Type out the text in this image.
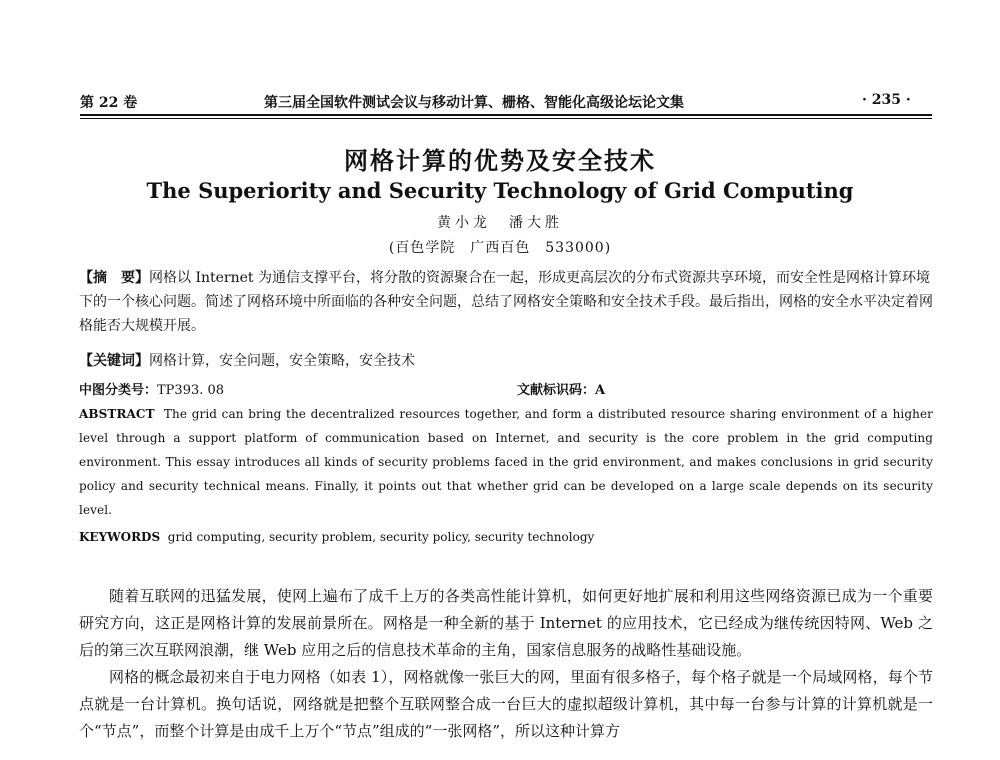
第 22 卷	第三届全国软件测试会议与移动计算、栅格、智能化高级论坛论文集	· 235 ·
网格计算的优势及安全技术
The Superiority and Security Technology of Grid Computing
黄小龙　潘大胜
(百色学院　广西百色　533000)
【摘　要】网格以 Internet 为通信支撑平台，将分散的资源聚合在一起，形成更高层次的分布式资源共享环境，而安全性是网格计算环境下的一个核心问题。简述了网格环境中所面临的各种安全问题，总结了网格安全策略和安全技术手段。最后指出，网格的安全水平决定着网格能否大规模开展。
【关键词】网格计算，安全问题，安全策略，安全技术
中图分类号：TP393. 08	文献标识码：A
ABSTRACT The grid can bring the decentralized resources together, and form a distributed resource sharing environment of a higher level through a support platform of communication based on Internet, and security is the core problem in the grid computing environment. This essay introduces all kinds of security problems faced in the grid environment, and makes conclusions in grid security policy and security technical means. Finally, it points out that whether grid can be developed on a large scale depends on its security level.
KEYWORDS grid computing, security problem, security policy, security technology

随着互联网的迅猛发展，使网上遍布了成千上万的各类高性能计算机，如何更好地扩展和利用这些网络资源已成为一个重要研究方向，这正是网格计算的发展前景所在。网格是一种全新的基于 Internet 的应用技术，它已经成为继传统因特网、Web 之后的第三次互联网浪潮，继 Web 应用之后的信息技术革命的主角，国家信息服务的战略性基础设施。

网格的概念最初来自于电力网格（如表 1），网格就像一张巨大的网，里面有很多格子，每个格子就是一个局域网格，每个节点就是一台计算机。换句话说，网络就是把整个互联网整合成一台巨大的虚拟超级计算机，其中每一台参与计算的计算机就是一个“节点”，而整个计算是由成千上万个“节点”组成的“一张网格”，所以这种计算方
